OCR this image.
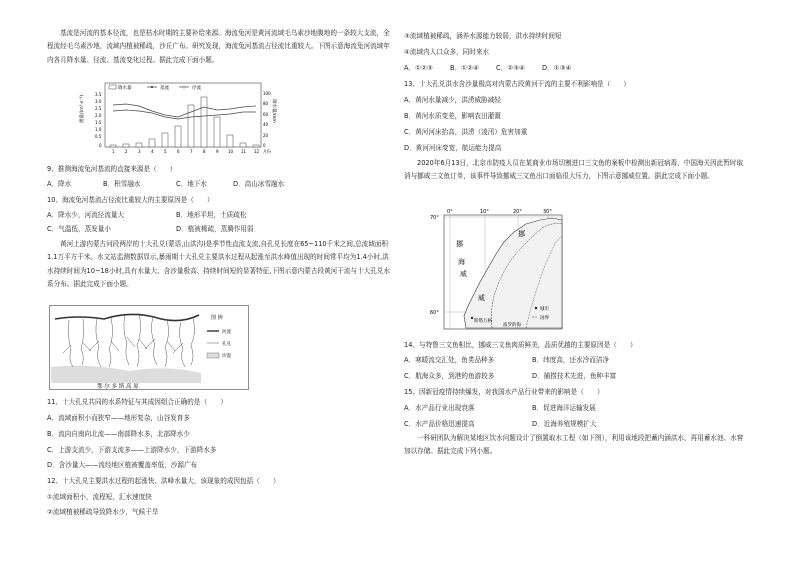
基流是河流的基本径流，也是枯水时期的主要补给来源。海流兔河是黄河流域毛乌素沙地腹地的一条较大支流，全程流经毛乌素沙地，流域内植被稀疏，沙丘广布。研究发现，海流兔河基流占径流比重较大。下图示意海流兔河流域年内各月降水量、径流、基流变化过程。据此完成下面小题。
流量/(m³·s⁻¹)	降水量/mm
降水量	基流	径流
3.5
3.0
2.5
2.0
1.5
1.0
0.5
0
100
80
60
40
20
0
1	2	3	4	5	6	7	8	9 10 11 12 月份
9、推测海流兔河基流的直接来源是（　　）
A．降水	B．积雪融水	C．地下水	D．高山冰雪融水
10、海流兔河基流占径流比重较大的主要原因是（　　）
A．降水少，河流径流量大	B．地形平坦，土质疏松
C．气温低，蒸发量小	D．植被稀疏，蒸腾作用弱
黄河上游内蒙古河段两岸的十大孔兑(蒙语,山洪沟)是季节性直流支流,自孔兑长度在65~110千米之间,总流域面积1.1万平方千米。水文站监测数据显示,暴雨期十大孔兑主要洪水过程从起涨至洪水峰值出现的时间常平均为1.4小时,洪水持续时间为10~18小时,具有水量大、含沙量极高、持续时间短的显著特征,下图示意内蒙古段黄河干流与十大孔兑水系分布。据此完成下面小题。
鄂 尔 多 斯 高 原
图 例
河流
孔兑
沙漠
11、十大孔兑共同的水系特征与其成因组合正确的是（　　）
A．流域面积小而狭窄——地形复杂，山谷发育多
B．流向自南向北流——南部降水多，北部降水少
C．上游支流少，下游支流多——上游降水少，下游降水多
D．含沙量大——流经地区植被覆盖率低，沙源广布
12、十大孔兑主要洪水过程的起涨快、洪峰水量大，该现象的成因包括（　　）
①流域面积小，流程短，汇水速度快
②流域植被稀疏导致降水少，气候干旱
③流域植被稀疏，涵养水源能力较弱，洪水持续时间短
④流域内人口众多，同时来水
A．①②③	B．①②④	C．②③④	D．①③④
13、十大孔兑洪水含沙量极高对内蒙古段黄河干流的主要不利影响是（　　）
A．黄河水量减少，洪涝威胁减轻
B．黄河水质变差，影响农田灌溉
C．黄河河床抬高，洪涝（凌汛）危害加重
D．黄河河床变宽，航运能力提高
2020年6月13日，北京市防疫人员在某商业市场切割进口三文鱼的案板中检测出新冠病毒，中国海关因此暂时取消与挪威三文鱼订单，该事件导致挪威三文鱼出口面临很大压力，下图示意挪威位置。据此完成下面小题。
0°	10°	20°	30°
70°
60°
挪
威
海
挪
威
斯塔万格
波罗的海
城市
国界
14、与特鲁三文鱼相比，挪威三文鱼肉质鲜美，品质优越的主要原因是（　　）
A．寒暖流交汇处，鱼类品种多	B．纬度高，还水冷而洁净
C．航海众多，到港的鱼游较多	D．捕捞技术先进，鱼种丰富
15、因新冠疫情持续爆发，对我国水产品行业带来的影响是（　　）
A．水产品行业出现衰落	B．促进海洋运输发展
C．水产品价格迅速提高	D．近海养殖规模扩大
一科研团队为解决某地区饮水问题设计了倒置取水工程（如下图），利用该地段把蓄内涵洪水，再用蓄水池、水窖加以存储。据此完成下列小题。
